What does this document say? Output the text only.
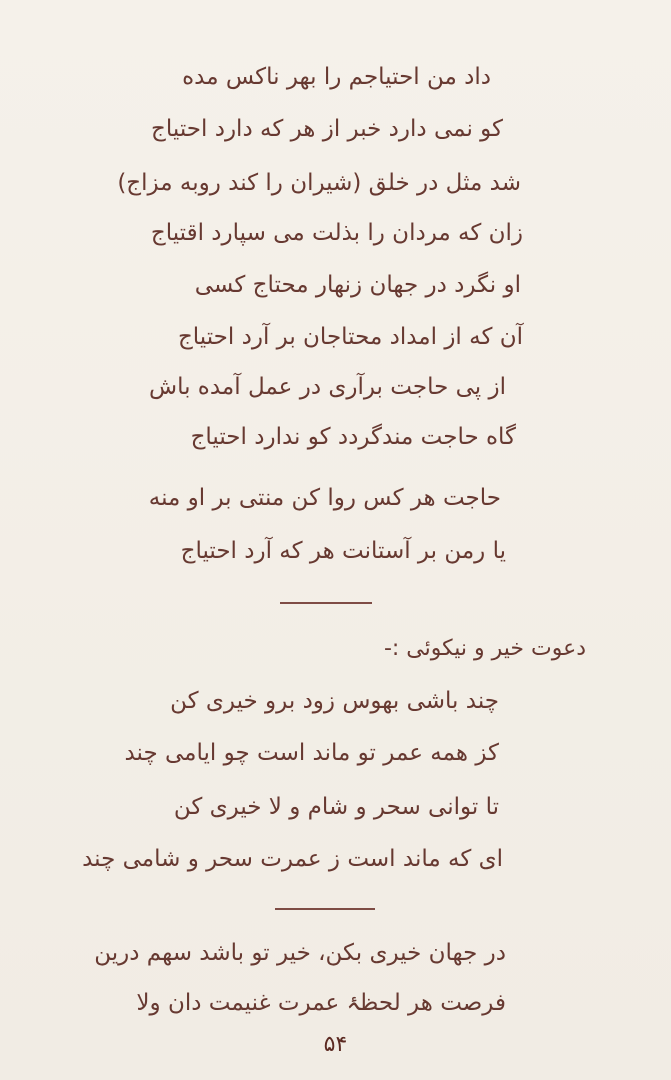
داد من احتیاجم را بهر ناکس مده
کو نمی دارد خبر از هر که دارد احتیاج
شد مثل در خلق (شیران را کند روبه مزاج)
زان که مردان را بذلت می سپارد اقتیاج
او نگرد در جهان زنهار محتاج کسی
آن که از امداد محتاجان بر آرد احتیاج
از پی حاجت برآری در عمل آمده باش
گاه حاجت مندگردد کو ندارد احتیاج
حاجت هر کس روا کن منتی بر او منه
یا رمن بر آستانت هر که آرد احتیاج
دعوت خیر و نیکوئی :-
چند باشی بهوس زود برو خیری کن
کز همه عمر تو ماند است چو ایامی چند
تا توانی سحر و شام و لا خیری کن
ای که ماند است ز عمرت سحر و شامی چند
در جهان خیری بکن، خیر تو باشد سهم درین
فرصت هر لحظۂ عمرت غنیمت دان ولا
۵۴
